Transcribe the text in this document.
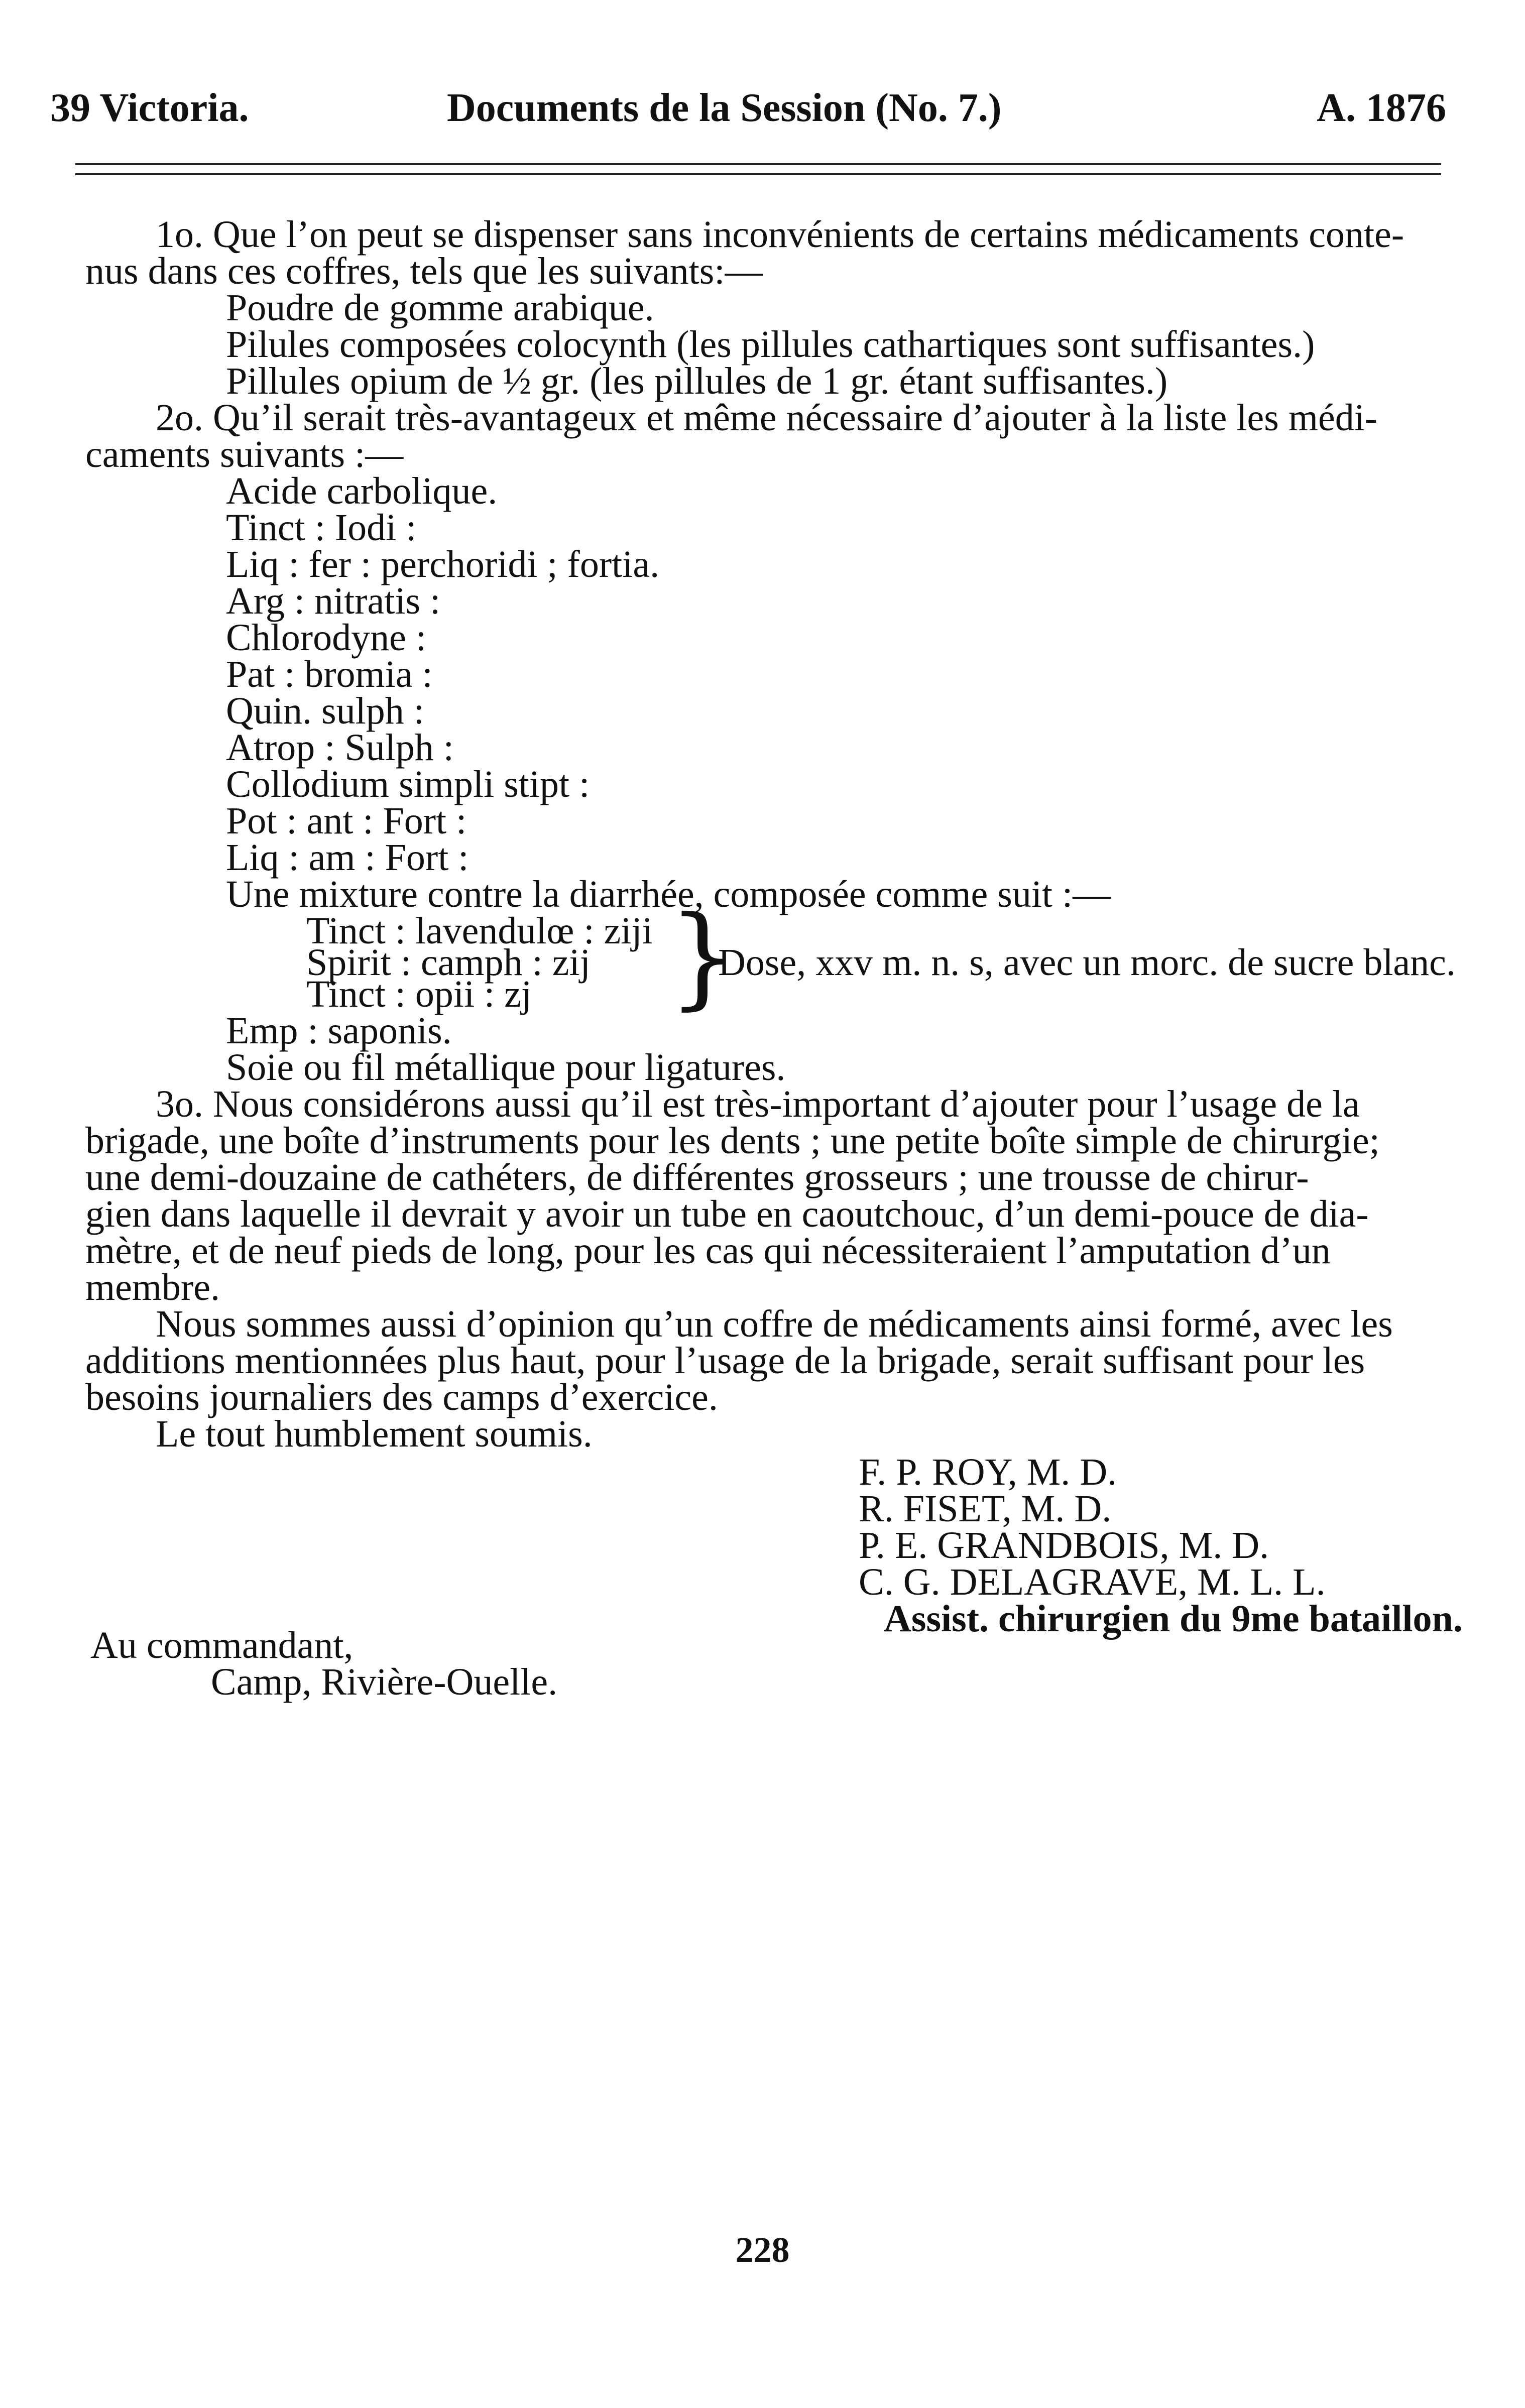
39 Victoria.	Documents de la Session (No. 7.)	A. 1876
1o. Que l’on peut se dispenser sans inconvénients de certains médicaments conte-
nus dans ces coffres, tels que les suivants:—
Poudre de gomme arabique.
Pilules composées colocynth (les pillules cathartiques sont suffisantes.)
Pillules opium de ½ gr. (les pillules de 1 gr. étant suffisantes.)
2o. Qu’il serait très-avantageux et même nécessaire d’ajouter à la liste les médi-
caments suivants :—
Acide carbolique.
Tinct : Iodi :
Liq : fer : perchoridi ; fortia.
Arg : nitratis :
Chlorodyne :
Pat : bromia :
Quin. sulph :
Atrop : Sulph :
Collodium simpli stipt :
Pot : ant : Fort :
Liq : am : Fort :
Une mixture contre la diarrhée, composée comme suit :—
Tinct : lavendulœ : ziji
Spirit : camph : zij
Tinct : opii : zj }
Dose, xxv m. n. s, avec un morc. de sucre blanc.
Emp : saponis.
Soie ou fil métallique pour ligatures.
3o. Nous considérons aussi qu’il est très-important d’ajouter pour l’usage de la
brigade, une boîte d’instruments pour les dents ; une petite boîte simple de chirurgie;
une demi-douzaine de cathéters, de différentes grosseurs ; une trousse de chirur-
gien dans laquelle il devrait y avoir un tube en caoutchouc, d’un demi-pouce de dia-
mètre, et de neuf pieds de long, pour les cas qui nécessiteraient l’amputation d’un
membre.
Nous sommes aussi d’opinion qu’un coffre de médicaments ainsi formé, avec les
additions mentionnées plus haut, pour l’usage de la brigade, serait suffisant pour les
besoins journaliers des camps d’exercice.
Le tout humblement soumis.
F. P. ROY, M. D.
R. FISET, M. D.
P. E. GRANDBOIS, M. D.
C. G. DELAGRAVE, M. L. L.
Assist. chirurgien du 9me bataillon.
Au commandant,
Camp, Rivière-Ouelle.
228
